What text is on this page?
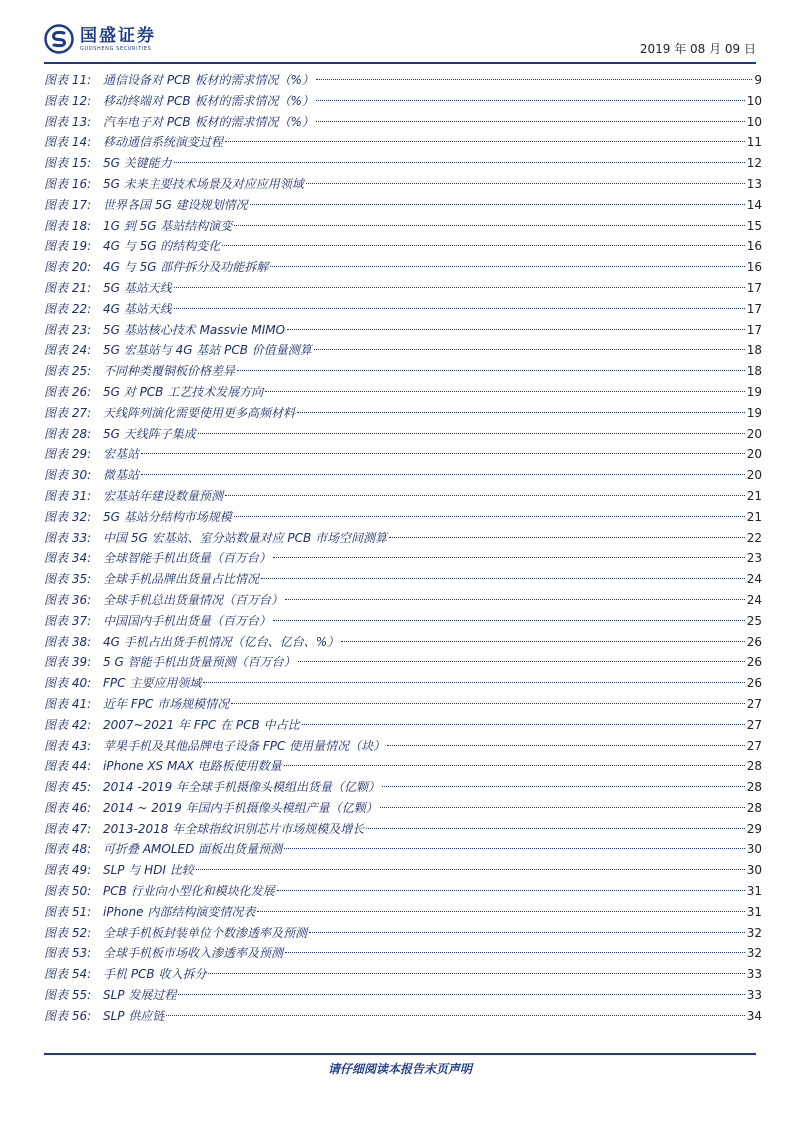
国盛证券
GUOSHENG SECURITIES	2019 年 08 月 09 日
图表 11: 通信设备对 PCB 板材的需求情况（%）	9
图表 12: 移动终端对 PCB 板材的需求情况（%）	10
图表 13: 汽车电子对 PCB 板材的需求情况（%）	10
图表 14: 移动通信系统演变过程	11
图表 15: 5G 关键能力	12
图表 16: 5G 未来主要技术场景及对应应用领域	13
图表 17: 世界各国 5G 建设规划情况	14
图表 18: 1G 到 5G 基站结构演变	15
图表 19: 4G 与 5G 的结构变化	16
图表 20: 4G 与 5G 部件拆分及功能拆解	16
图表 21: 5G 基站天线	17
图表 22: 4G 基站天线	17
图表 23: 5G 基站核心技术 Massvie MIMO	17
图表 24: 5G 宏基站与 4G 基站 PCB 价值量测算	18
图表 25: 不同种类覆铜板价格差异	18
图表 26: 5G 对 PCB 工艺技术发展方向	19
图表 27: 天线阵列演化需要使用更多高频材料	19
图表 28: 5G 天线阵子集成	20
图表 29: 宏基站	20
图表 30: 微基站	20
图表 31: 宏基站年建设数量预测	21
图表 32: 5G 基站分结构市场规模	21
图表 33: 中国 5G 宏基站、室分站数量对应 PCB 市场空间测算	22
图表 34: 全球智能手机出货量（百万台）	23
图表 35: 全球手机品牌出货量占比情况	24
图表 36: 全球手机总出货量情况（百万台）	24
图表 37: 中国国内手机出货量（百万台）	25
图表 38: 4G 手机占出货手机情况（亿台、亿台、%）	26
图表 39: 5 G 智能手机出货量预测（百万台）	26
图表 40: FPC 主要应用领域	26
图表 41: 近年 FPC 市场规模情况	27
图表 42: 2007~2021 年 FPC 在 PCB 中占比	27
图表 43: 苹果手机及其他品牌电子设备 FPC 使用量情况（块）	27
图表 44: iPhone XS MAX 电路板使用数量	28
图表 45: 2014 -2019 年全球手机摄像头模组出货量（亿颗）	28
图表 46: 2014 ~ 2019 年国内手机摄像头模组产量（亿颗）	28
图表 47: 2013-2018 年全球指纹识别芯片市场规模及增长	29
图表 48: 可折叠 AMOLED 面板出货量预测	30
图表 49: SLP 与 HDI 比较	30
图表 50: PCB 行业向小型化和模块化发展	31
图表 51: iPhone 内部结构演变情况表	31
图表 52: 全球手机板封装单位个数渗透率及预测	32
图表 53: 全球手机板市场收入渗透率及预测	32
图表 54: 手机 PCB 收入拆分	33
图表 55: SLP 发展过程	33
图表 56: SLP 供应链	34
请仔细阅读本报告末页声明
